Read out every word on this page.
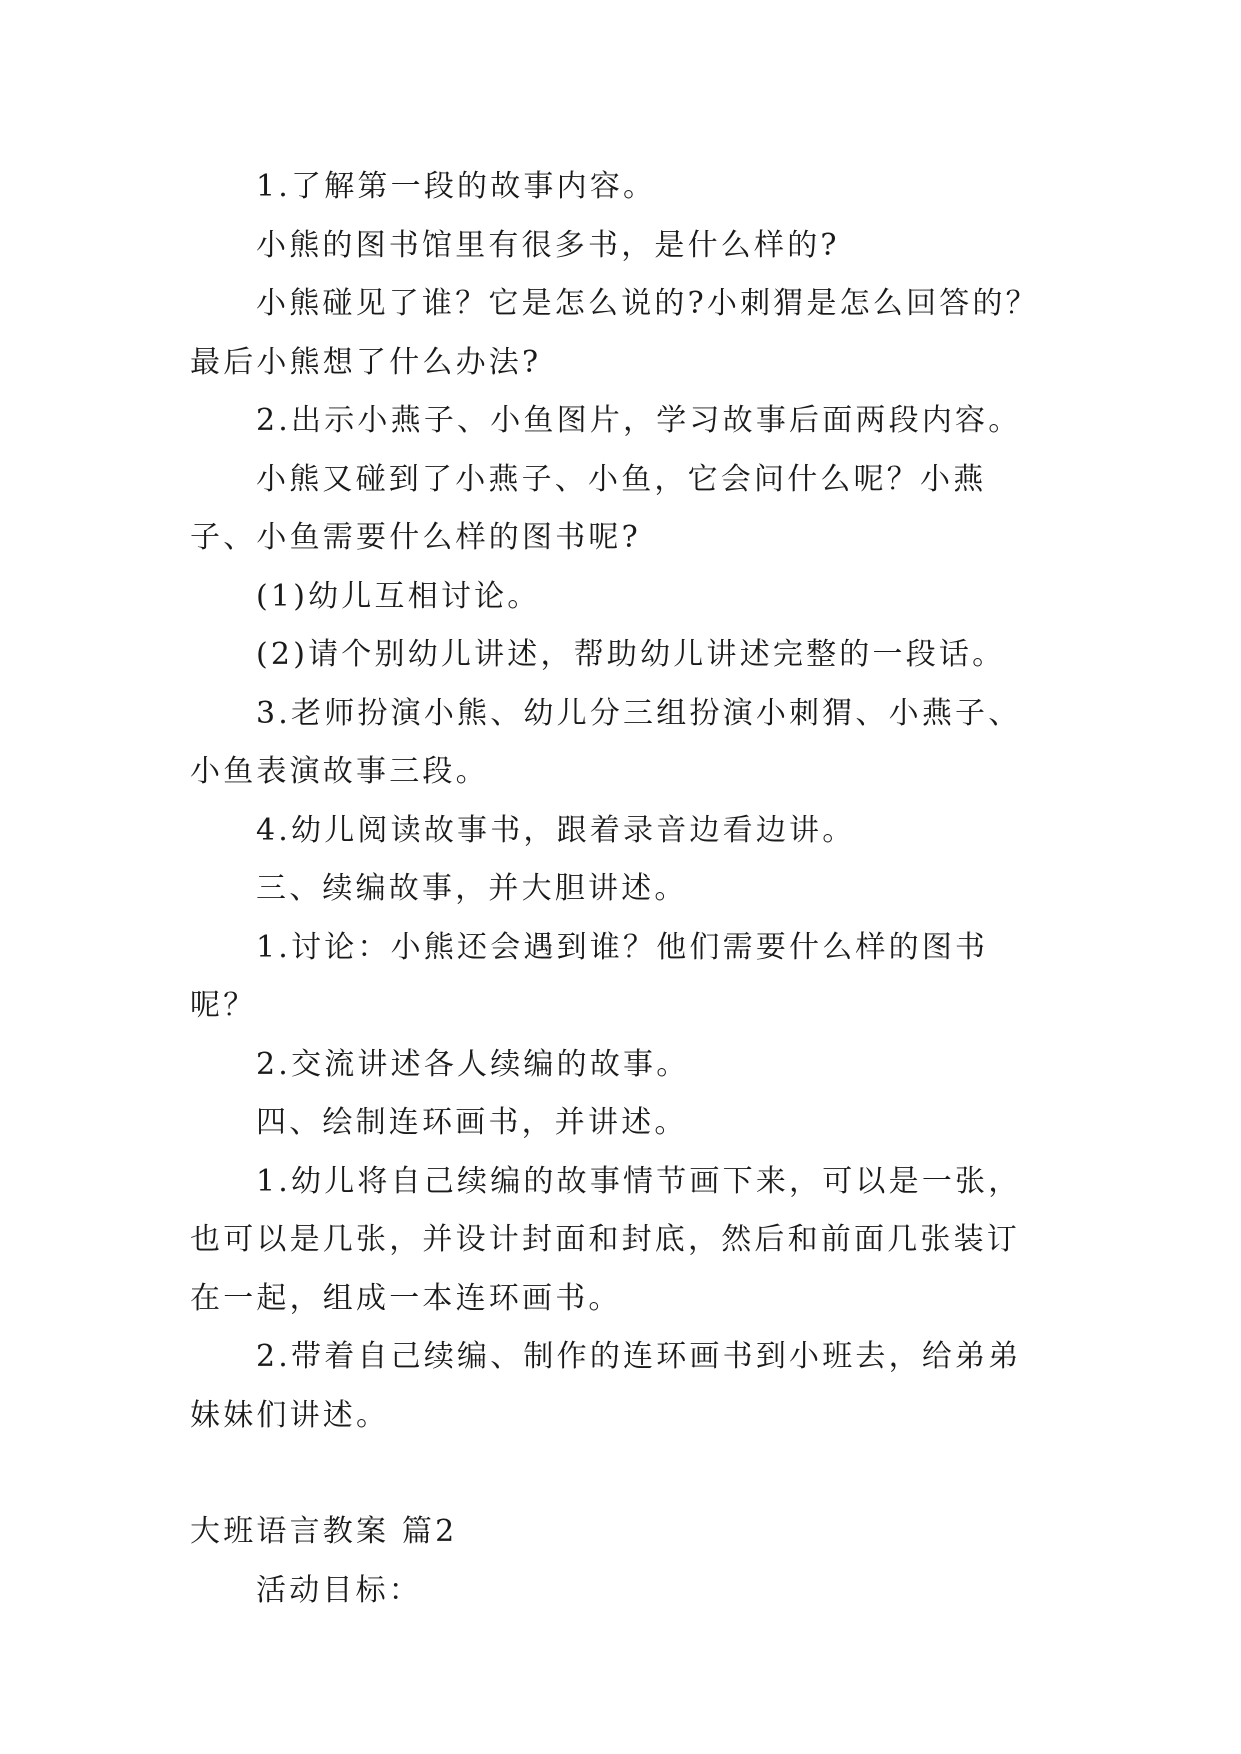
1.了解第一段的故事内容。

小熊的图书馆里有很多书，是什么样的?

小熊碰见了谁？它是怎么说的?小刺猬是怎么回答的？最后小熊想了什么办法?

2.出示小燕子、小鱼图片，学习故事后面两段内容。

小熊又碰到了小燕子、小鱼，它会问什么呢？小燕子、小鱼需要什么样的图书呢?

(1)幼儿互相讨论。

(2)请个别幼儿讲述，帮助幼儿讲述完整的一段话。

3.老师扮演小熊、幼儿分三组扮演小刺猬、小燕子、小鱼表演故事三段。

4.幼儿阅读故事书，跟着录音边看边讲。

三、续编故事，并大胆讲述。

1.讨论：小熊还会遇到谁？他们需要什么样的图书呢？

2.交流讲述各人续编的故事。

四、绘制连环画书，并讲述。

1.幼儿将自己续编的故事情节画下来，可以是一张，也可以是几张，并设计封面和封底，然后和前面几张装订在一起，组成一本连环画书。

2.带着自己续编、制作的连环画书到小班去，给弟弟妹妹们讲述。

大班语言教案 篇2

活动目标：
